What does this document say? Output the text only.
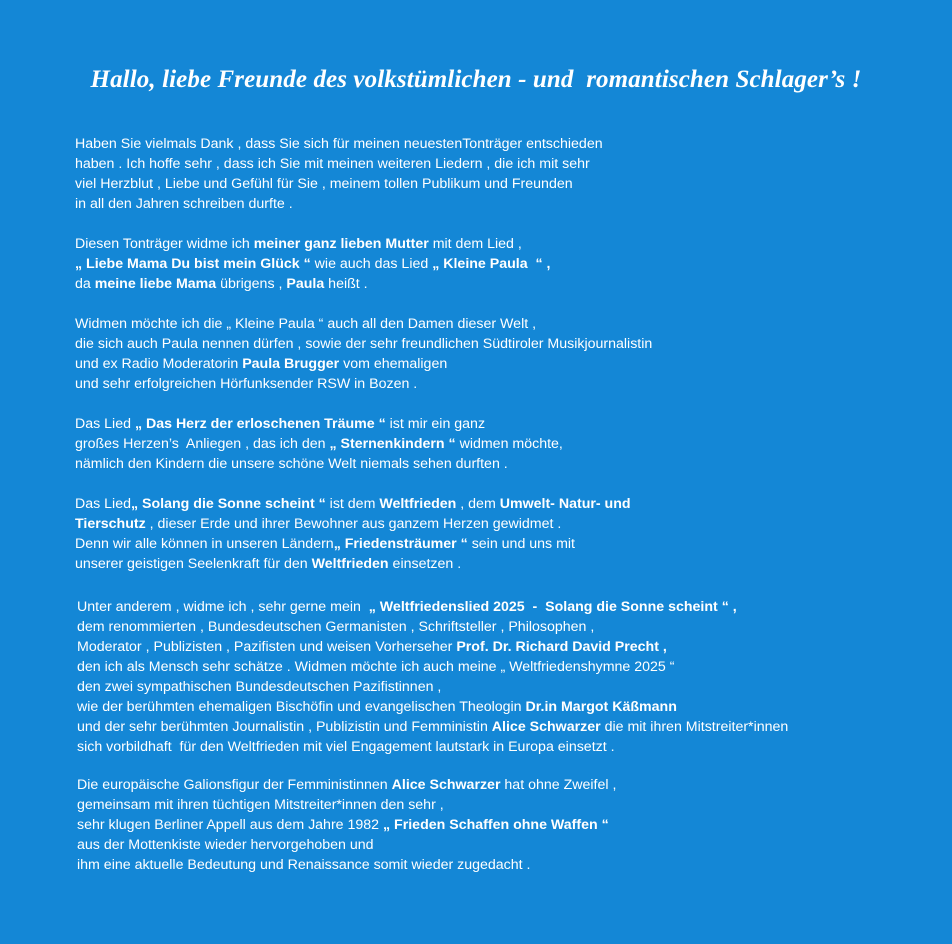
Hallo, liebe Freunde des volkstümlichen - und  romantischen Schlager’s !
Haben Sie vielmals Dank , dass Sie sich für meinen neuestenTonträger entschieden
haben . Ich hoffe sehr , dass ich Sie mit meinen weiteren Liedern , die ich mit sehr
viel Herzblut , Liebe und Gefühl für Sie , meinem tollen Publikum und Freunden
in all den Jahren schreiben durfte .
Diesen Tonträger widme ich meiner ganz lieben Mutter mit dem Lied ,
„ Liebe Mama Du bist mein Glück “ wie auch das Lied „ Kleine Paula  “ ,
da meine liebe Mama übrigens , Paula heißt .
Widmen möchte ich die „ Kleine Paula “ auch all den Damen dieser Welt ,
die sich auch Paula nennen dürfen , sowie der sehr freundlichen Südtiroler Musikjournalistin
und ex Radio Moderatorin Paula Brugger vom ehemaligen
und sehr erfolgreichen Hörfunksender RSW in Bozen .
Das Lied „ Das Herz der erloschenen Träume “ ist mir ein ganz
großes Herzen’s  Anliegen , das ich den „ Sternenkindern “ widmen möchte,
nämlich den Kindern die unsere schöne Welt niemals sehen durften .
Das Lied„ Solang die Sonne scheint “ ist dem Weltfrieden , dem Umwelt- Natur- und
Tierschutz , dieser Erde und ihrer Bewohner aus ganzem Herzen gewidmet .
Denn wir alle können in unseren Ländern„ Friedensträumer “ sein und uns mit
unserer geistigen Seelenkraft für den Weltfrieden einsetzen .
Unter anderem , widme ich , sehr gerne mein  „ Weltfriedenslied 2025  -  Solang die Sonne scheint “ ,
dem renommierten , Bundesdeutschen Germanisten , Schriftsteller , Philosophen ,
Moderator , Publizisten , Pazifisten und weisen Vorherseher Prof. Dr. Richard David Precht ,
den ich als Mensch sehr schätze . Widmen möchte ich auch meine „ Weltfriedenshymne 2025 “
den zwei sympathischen Bundesdeutschen Pazifistinnen ,
wie der berühmten ehemaligen Bischöfin und evangelischen Theologin Dr.in Margot Käßmann
und der sehr berühmten Journalistin , Publizistin und Femministin Alice Schwarzer die mit ihren Mitstreiter*innen
sich vorbildhaft  für den Weltfrieden mit viel Engagement lautstark in Europa einsetzt .
Die europäische Galionsfigur der Femministinnen Alice Schwarzer hat ohne Zweifel ,
gemeinsam mit ihren tüchtigen Mitstreiter*innen den sehr ,
sehr klugen Berliner Appell aus dem Jahre 1982 „ Frieden Schaffen ohne Waffen “
aus der Mottenkiste wieder hervorgehoben und
ihm eine aktuelle Bedeutung und Renaissance somit wieder zugedacht .
